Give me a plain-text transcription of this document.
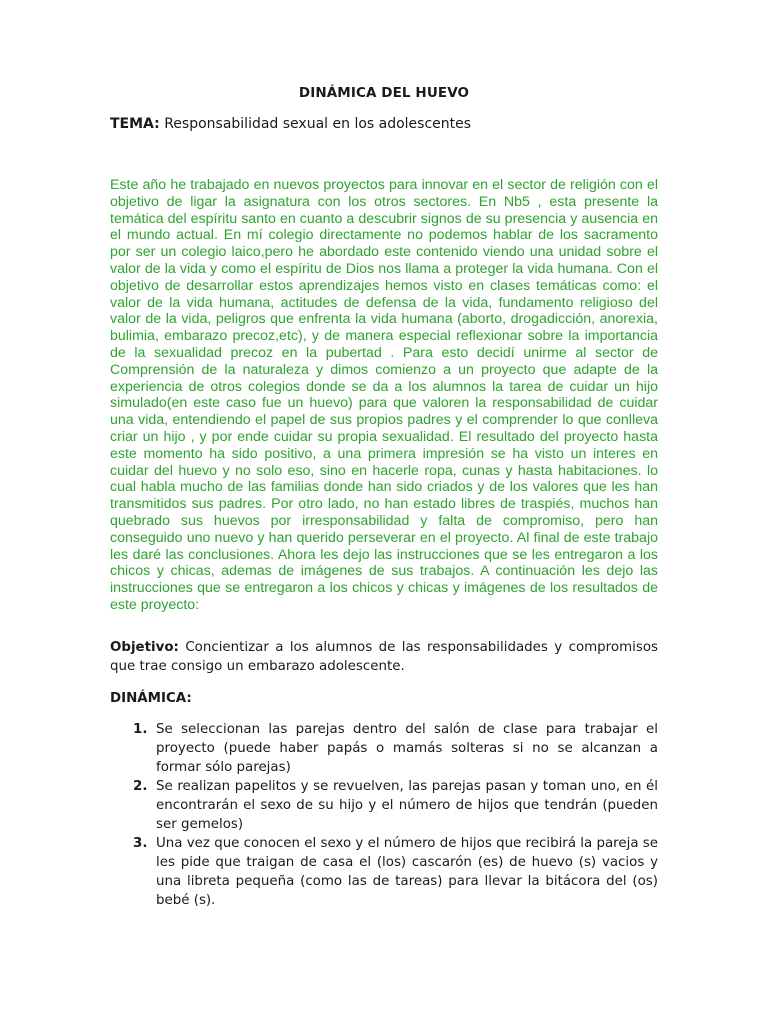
DINÁMICA DEL HUEVO
TEMA: Responsabilidad sexual en los adolescentes

Este año he trabajado en nuevos proyectos para innovar en el sector de religión con el objetivo de ligar la asignatura con los otros sectores. En Nb5 , esta presente la temática del espíritu santo en cuanto a descubrir signos de su presencia y ausencia en el mundo actual. En mí colegio directamente no podemos hablar de los sacramento por ser un colegio laico,pero he abordado este contenido viendo una unidad sobre el valor de la vida y como el espíritu de Dios nos llama a proteger la vida humana. Con el objetivo de desarrollar estos aprendizajes hemos visto en clases temáticas como: el valor de la vida humana, actitudes de defensa de la vida, fundamento religioso del valor de la vida, peligros que enfrenta la vida humana (aborto, drogadicción, anorexia, bulimia, embarazo precoz,etc), y de manera especial reflexionar sobre la importancia de la sexualidad precoz en la pubertad . Para esto decidí unirme al sector de Comprensión de la naturaleza y dimos comienzo a un proyecto que adapte de la experiencia de otros colegios donde se da a los alumnos la tarea de cuidar un hijo simulado(en este caso fue un huevo) para que valoren la responsabilidad de cuidar una vida, entendiendo el papel de sus propios padres y el comprender lo que conlleva criar un hijo , y por ende cuidar su propia sexualidad. El resultado del proyecto hasta este momento ha sido positivo, a una primera impresión se ha visto un interes en cuidar del huevo y no solo eso, sino en hacerle ropa, cunas y hasta habitaciones. lo cual habla mucho de las familias donde han sido criados y de los valores que les han transmitidos sus padres. Por otro lado, no han estado libres de traspiés, muchos han quebrado sus huevos por irresponsabilidad y falta de compromiso, pero han conseguido uno nuevo y han querido perseverar en el proyecto. Al final de este trabajo les daré las conclusiones. Ahora les dejo las instrucciones que se les entregaron a los chicos y chicas, ademas de imágenes de sus trabajos. A continuación les dejo las instrucciones que se entregaron a los chicos y chicas y imágenes de los resultados de este proyecto:

Objetivo: Concientizar a los alumnos de las responsabilidades y compromisos que trae consigo un embarazo adolescente.

DINÁMICA:
1. Se seleccionan las parejas dentro del salón de clase para trabajar el proyecto (puede haber papás o mamás solteras si no se alcanzan a formar sólo parejas)
2. Se realizan papelitos y se revuelven, las parejas pasan y toman uno, en él encontrarán el sexo de su hijo y el número de hijos que tendrán (pueden ser gemelos)
3. Una vez que conocen el sexo y el número de hijos que recibirá la pareja se les pide que traigan de casa el (los) cascarón (es) de huevo (s) vacios y una libreta pequeña (como las de tareas) para llevar la bitácora del (os) bebé (s).
